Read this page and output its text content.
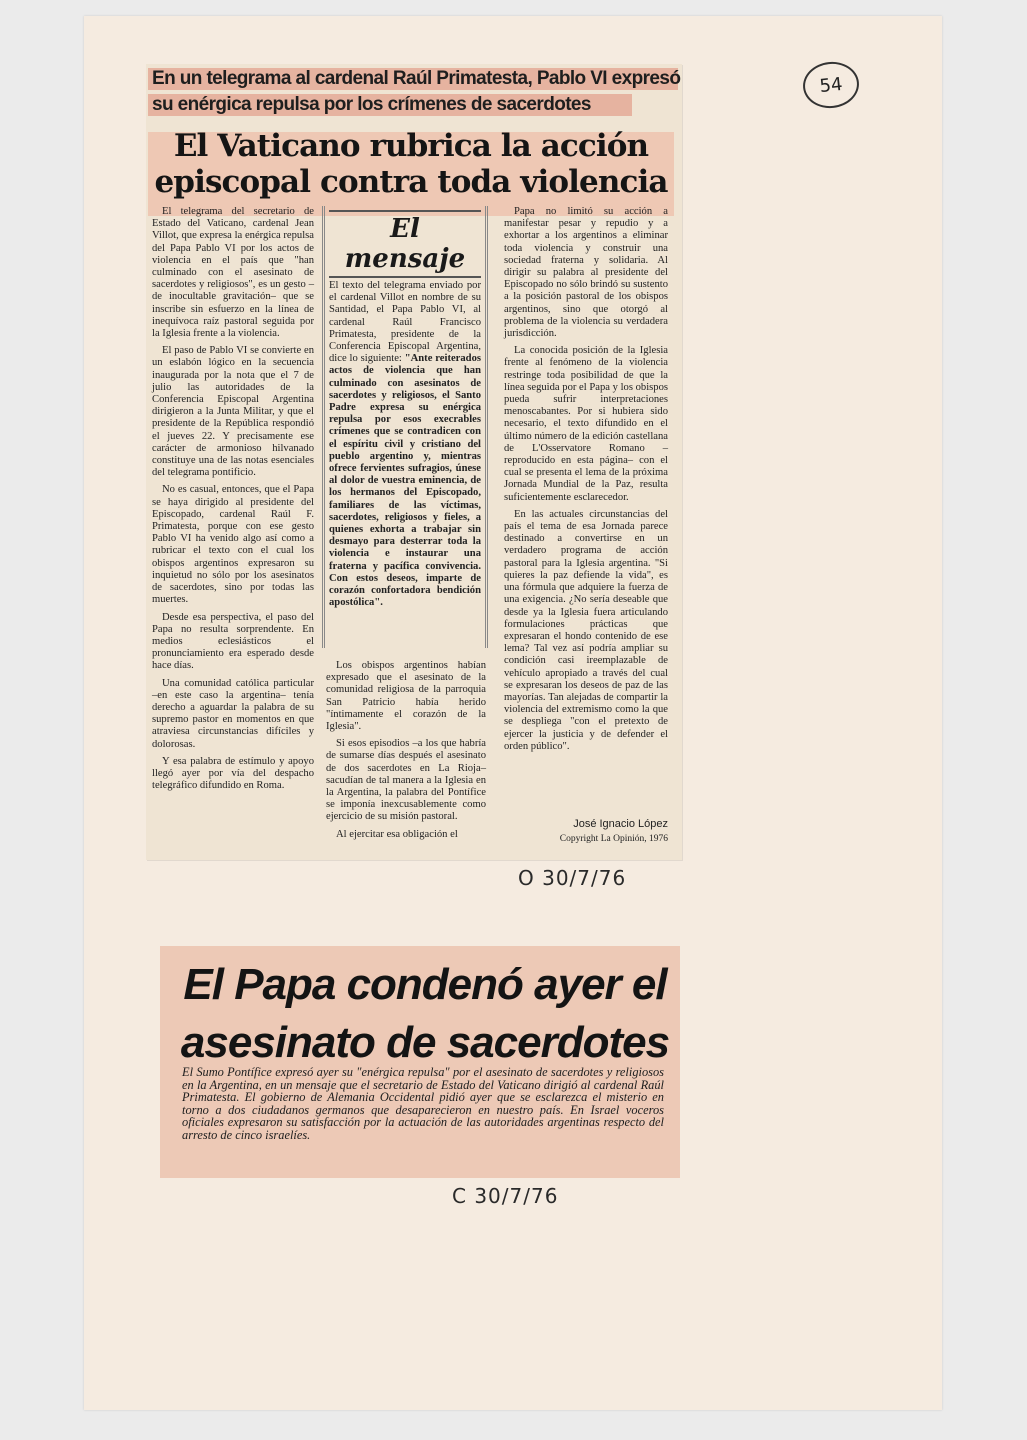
54
En un telegrama al cardenal Raúl Primatesta, Pablo VI expresó
su enérgica repulsa por los crímenes de sacerdotes
El Vaticano rubrica la acción
episcopal contra toda violencia

El telegrama del secretario de Estado del Vaticano, cardenal Jean Villot, que expresa la enérgica repulsa del Papa Pablo VI por los actos de violencia en el país que "han culminado con el asesinato de sacerdotes y religiosos", es un gesto –de inocultable gravitación– que se inscribe sin esfuerzo en la línea de inequívoca raíz pastoral seguida por la Iglesia frente a la violencia.

El paso de Pablo VI se convierte en un eslabón lógico en la secuencia inaugurada por la nota que el 7 de julio las autoridades de la Conferencia Episcopal Argentina dirigieron a la Junta Militar, y que el presidente de la República respondió el jueves 22. Y precisamente ese carácter de armonioso hilvanado constituye una de las notas esenciales del telegrama pontificio.

No es casual, entonces, que el Papa se haya dirigido al presidente del Episcopado, cardenal Raúl F. Primatesta, porque con ese gesto Pablo VI ha venido algo así como a rubricar el texto con el cual los obispos argentinos expresaron su inquietud no sólo por los asesinatos de sacerdotes, sino por todas las muertes.

Desde esa perspectiva, el paso del Papa no resulta sorprendente. En medios eclesiásticos el pronunciamiento era esperado desde hace días.

Una comunidad católica particular –en este caso la argentina– tenía derecho a aguardar la palabra de su supremo pastor en momentos en que atraviesa circunstancias difíciles y dolorosas.

Y esa palabra de estímulo y apoyo llegó ayer por vía del despacho telegráfico difundido en Roma.

El mensaje
El texto del telegrama enviado por el cardenal Villot en nombre de su Santidad, el Papa Pablo VI, al cardenal Raúl Francisco Primatesta, presidente de la Conferencia Episcopal Argentina, dice lo siguiente: "Ante reiterados actos de violencia que han culminado con asesinatos de sacerdotes y religiosos, el Santo Padre expresa su enérgica repulsa por esos execrables crímenes que se contradicen con el espíritu civil y cristiano del pueblo argentino y, mientras ofrece fervientes sufragios, únese al dolor de vuestra eminencia, de los hermanos del Episcopado, familiares de las víctimas, sacerdotes, religiosos y fieles, a quienes exhorta a trabajar sin desmayo para desterrar toda la violencia e instaurar una fraterna y pacífica convivencia. Con estos deseos, imparte de corazón confortadora bendición apostólica".

Los obispos argentinos habían expresado que el asesinato de la comunidad religiosa de la parroquia San Patricio había herido "íntimamente el corazón de la Iglesia".

Si esos episodios –a los que habría de sumarse días después el asesinato de dos sacerdotes en La Rioja– sacudían de tal manera a la Iglesia en la Argentina, la palabra del Pontífice se imponía inexcusablemente como ejercicio de su misión pastoral.

Al ejercitar esa obligación el

Papa no limitó su acción a manifestar pesar y repudio y a exhortar a los argentinos a eliminar toda violencia y construir una sociedad fraterna y solidaria. Al dirigir su palabra al presidente del Episcopado no sólo brindó su sustento a la posición pastoral de los obispos argentinos, sino que otorgó al problema de la violencia su verdadera jurisdicción.

La conocida posición de la Iglesia frente al fenómeno de la violencia restringe toda posibilidad de que la línea seguida por el Papa y los obispos pueda sufrir interpretaciones menoscabantes. Por si hubiera sido necesario, el texto difundido en el último número de la edición castellana de L'Osservatore Romano –reproducido en esta página– con el cual se presenta el lema de la próxima Jornada Mundial de la Paz, resulta suficientemente esclarecedor.

En las actuales circunstancias del país el tema de esa Jornada parece destinado a convertirse en un verdadero programa de acción pastoral para la Iglesia argentina. "Si quieres la paz defiende la vida", es una fórmula que adquiere la fuerza de una exigencia. ¿No sería deseable que desde ya la Iglesia fuera articulando formulaciones prácticas que expresaran el hondo contenido de ese lema? Tal vez así podría ampliar su condición casi ireemplazable de vehículo apropiado a través del cual se expresaran los deseos de paz de las mayorías. Tan alejadas de compartir la violencia del extremismo como la que se despliega "con el pretexto de ejercer la justicia y de defender el orden público".

José Ignacio López
Copyright La Opinión, 1976
O 30/7/76
El Papa condenó ayer el
asesinato de sacerdotes
El Sumo Pontífice expresó ayer su "enérgica repulsa" por el asesinato de sacerdotes y religiosos en la Argentina, en un mensaje que el secretario de Estado del Vaticano dirigió al cardenal Raúl Primatesta. El gobierno de Alemania Occidental pidió ayer que se esclarezca el misterio en torno a dos ciudadanos germanos que desaparecieron en nuestro país. En Israel voceros oficiales expresaron su satisfacción por la actuación de las autoridades argentinas respecto del arresto de cinco israelíes.
C 30/7/76
